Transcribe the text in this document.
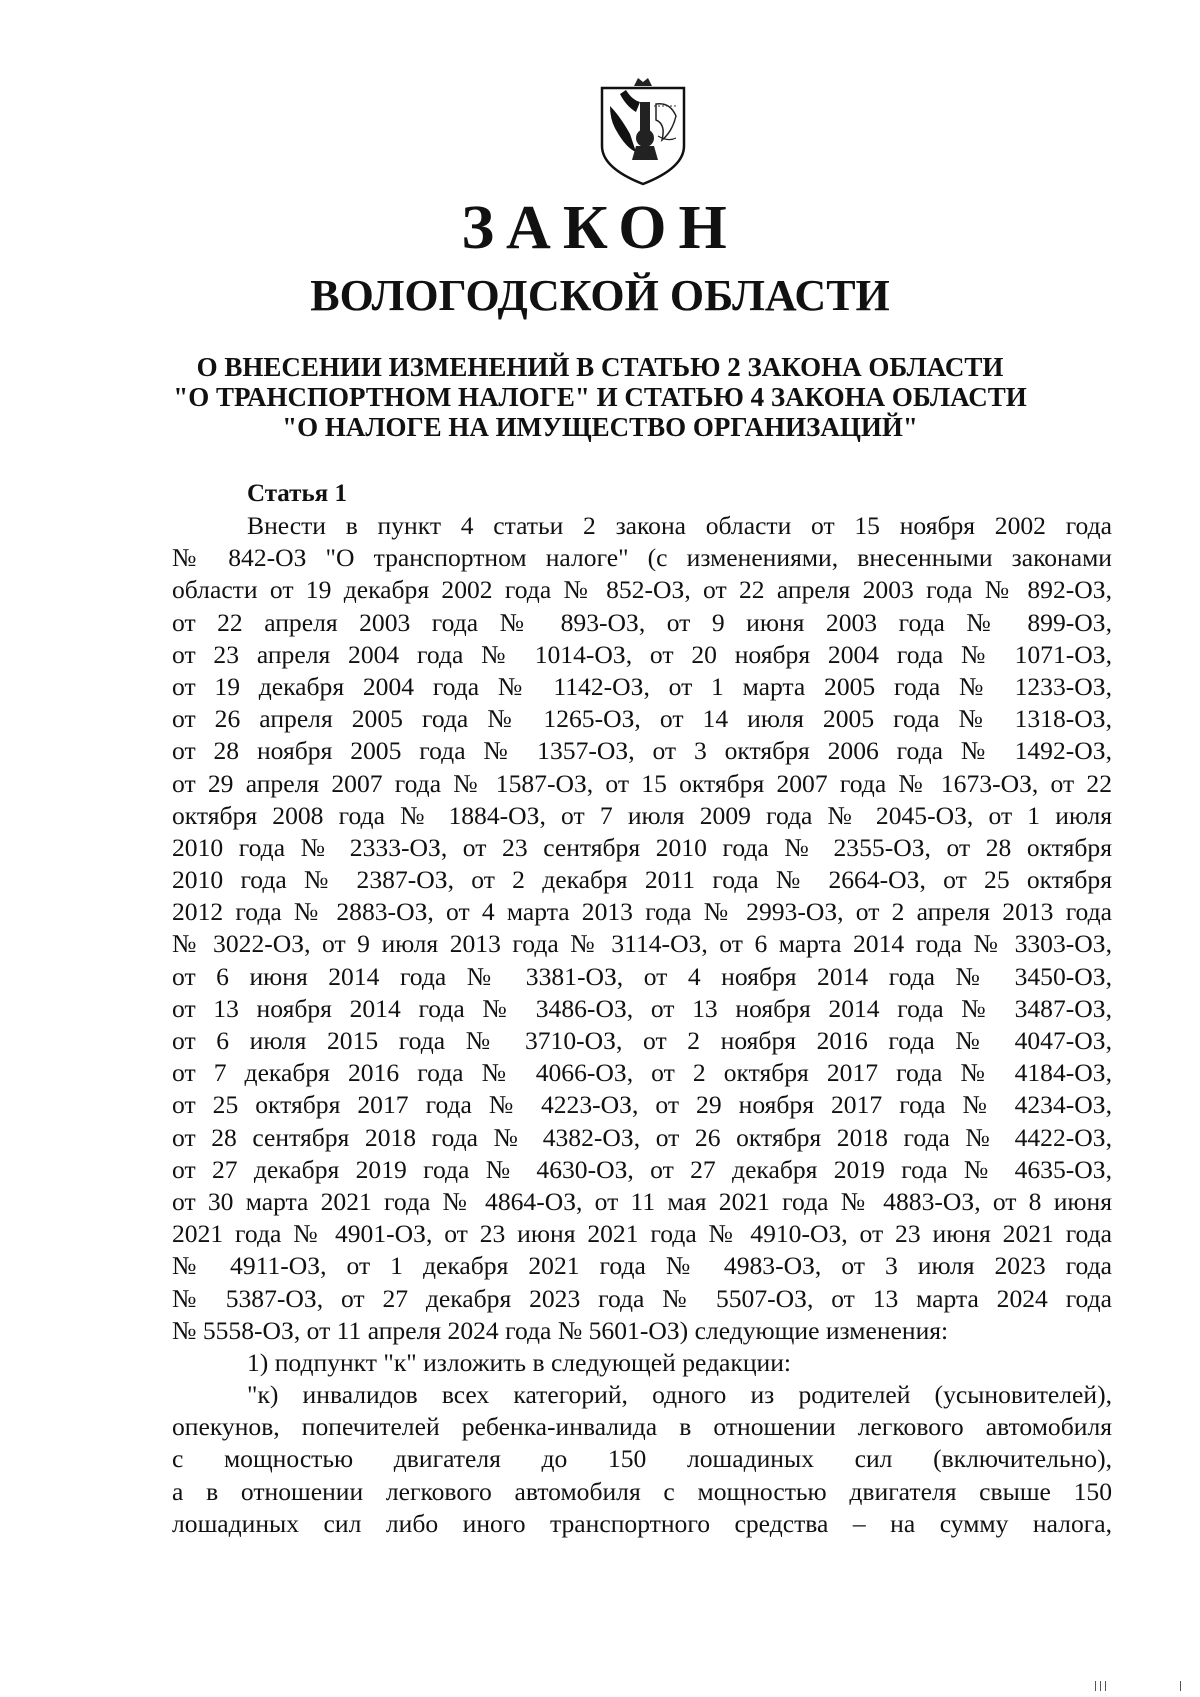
ЗАКОН
ВОЛОГОДСКОЙ ОБЛАСТИ
О ВНЕСЕНИИ ИЗМЕНЕНИЙ В СТАТЬЮ 2 ЗАКОНА ОБЛАСТИ
"О ТРАНСПОРТНОМ НАЛОГЕ" И СТАТЬЮ 4 ЗАКОНА ОБЛАСТИ
"О НАЛОГЕ НА ИМУЩЕСТВО ОРГАНИЗАЦИЙ"
Статья 1
Внести в пункт 4 статьи 2 закона области от 15 ноября 2002 года
№ 842-ОЗ "О транспортном налоге" (с изменениями, внесенными законами
области от 19 декабря 2002 года № 852-ОЗ, от 22 апреля 2003 года № 892-ОЗ,
от 22 апреля 2003 года № 893-ОЗ, от 9 июня 2003 года № 899-ОЗ,
от 23 апреля 2004 года № 1014-ОЗ, от 20 ноября 2004 года № 1071-ОЗ,
от 19 декабря 2004 года № 1142-ОЗ, от 1 марта 2005 года № 1233-ОЗ,
от 26 апреля 2005 года № 1265-ОЗ, от 14 июля 2005 года № 1318-ОЗ,
от 28 ноября 2005 года № 1357-ОЗ, от 3 октября 2006 года № 1492-ОЗ,
от 29 апреля 2007 года № 1587-ОЗ, от 15 октября 2007 года № 1673-ОЗ, от 22
октября 2008 года № 1884-ОЗ, от 7 июля 2009 года № 2045-ОЗ, от 1 июля
2010 года № 2333-ОЗ, от 23 сентября 2010 года № 2355-ОЗ, от 28 октября
2010 года № 2387-ОЗ, от 2 декабря 2011 года № 2664-ОЗ, от 25 октября
2012 года № 2883-ОЗ, от 4 марта 2013 года № 2993-ОЗ, от 2 апреля 2013 года
№ 3022-ОЗ, от 9 июля 2013 года № 3114-ОЗ, от 6 марта 2014 года № 3303-ОЗ,
от 6 июня 2014 года № 3381-ОЗ, от 4 ноября 2014 года № 3450-ОЗ,
от 13 ноября 2014 года № 3486-ОЗ, от 13 ноября 2014 года № 3487-ОЗ,
от 6 июля 2015 года № 3710-ОЗ, от 2 ноября 2016 года № 4047-ОЗ,
от 7 декабря 2016 года № 4066-ОЗ, от 2 октября 2017 года № 4184-ОЗ,
от 25 октября 2017 года № 4223-ОЗ, от 29 ноября 2017 года № 4234-ОЗ,
от 28 сентября 2018 года № 4382-ОЗ, от 26 октября 2018 года № 4422-ОЗ,
от 27 декабря 2019 года № 4630-ОЗ, от 27 декабря 2019 года № 4635-ОЗ,
от 30 марта 2021 года № 4864-ОЗ, от 11 мая 2021 года № 4883-ОЗ, от 8 июня
2021 года № 4901-ОЗ, от 23 июня 2021 года № 4910-ОЗ, от 23 июня 2021 года
№ 4911-ОЗ, от 1 декабря 2021 года № 4983-ОЗ, от 3 июля 2023 года
№ 5387-ОЗ, от 27 декабря 2023 года № 5507-ОЗ, от 13 марта 2024 года
№ 5558-ОЗ, от 11 апреля 2024 года № 5601-ОЗ) следующие изменения:
1) подпункт "к" изложить в следующей редакции:
"к) инвалидов всех категорий, одного из родителей (усыновителей),
опекунов, попечителей ребенка-инвалида в отношении легкового автомобиля
с мощностью двигателя до 150 лошадиных сил (включительно),
а в отношении легкового автомобиля с мощностью двигателя свыше 150
лошадиных сил либо иного транспортного средства – на сумму налога,
